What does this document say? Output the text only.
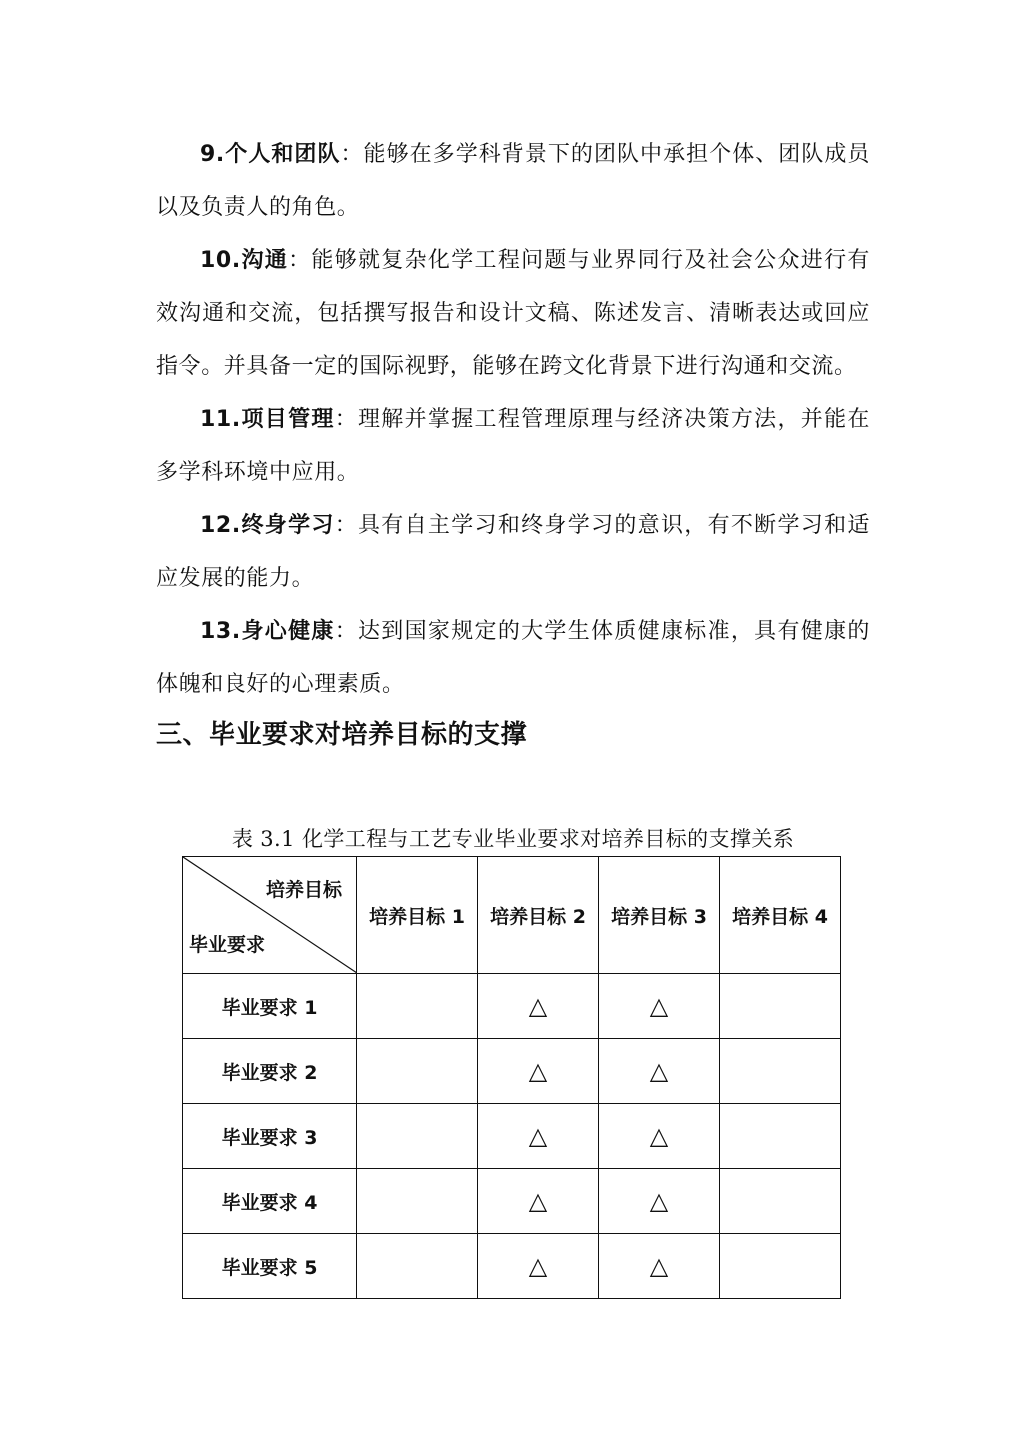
9.个人和团队：能够在多学科背景下的团队中承担个体、团队成员以及负责人的角色。

10.沟通：能够就复杂化学工程问题与业界同行及社会公众进行有效沟通和交流，包括撰写报告和设计文稿、陈述发言、清晰表达或回应指令。并具备一定的国际视野，能够在跨文化背景下进行沟通和交流。

11.项目管理：理解并掌握工程管理原理与经济决策方法，并能在多学科环境中应用。

12.终身学习：具有自主学习和终身学习的意识，有不断学习和适应发展的能力。

13.身心健康：达到国家规定的大学生体质健康标准，具有健康的体魄和良好的心理素质。

三、毕业要求对培养目标的支撑
表 3.1 化学工程与工艺专业毕业要求对培养目标的支撑关系
培养目标
毕业要求	培养目标 1	培养目标 2	培养目标 3	培养目标 4
毕业要求 1		△	△	
毕业要求 2		△	△	
毕业要求 3		△	△	
毕业要求 4		△	△	
毕业要求 5		△	△	
